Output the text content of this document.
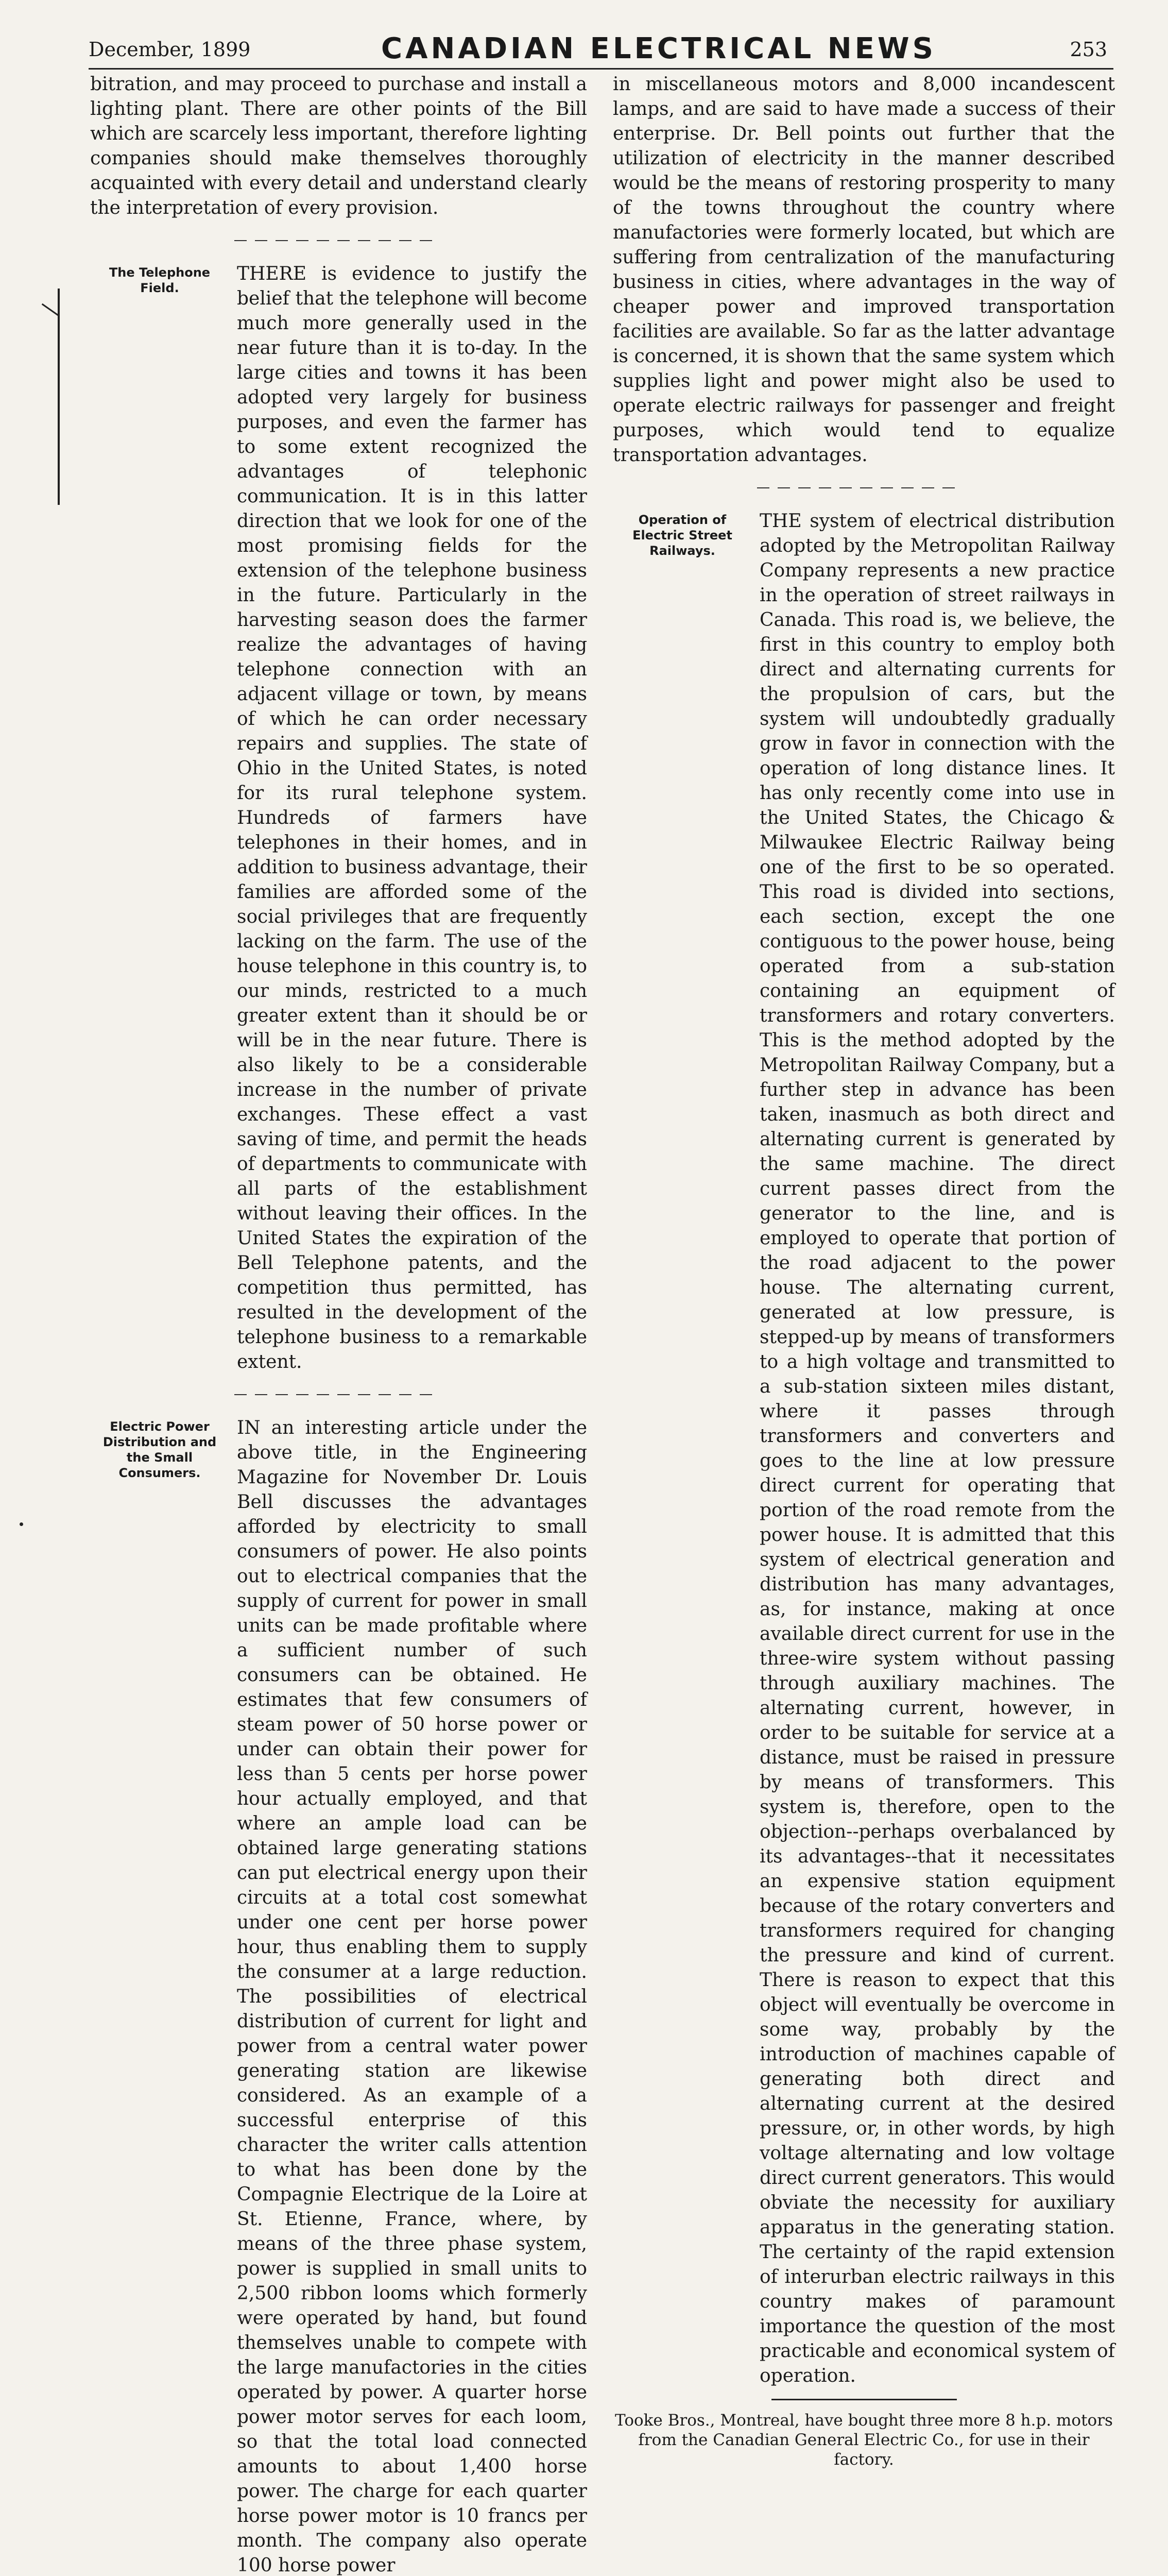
December, 1899	CANADIAN ELECTRICAL NEWS	253

bitration, and may proceed to purchase and install a lighting plant. There are other points of the Bill which are scarcely less important, therefore lighting companies should make themselves thoroughly acquainted with every detail and understand clearly the interpretation of every provision.

The Telephone Field.

THERE is evidence to justify the belief that the telephone will become much more generally used in the near future than it is to-day. In the large cities and towns it has been adopted very largely for business purposes, and even the farmer has to some extent recognized the advantages of telephonic communication. It is in this latter direction that we look for one of the most promising fields for the extension of the telephone business in the future. Particularly in the harvesting season does the farmer realize the advantages of having telephone connection with an adjacent village or town, by means of which he can order necessary repairs and supplies. The state of Ohio in the United States, is noted for its rural telephone system. Hundreds of farmers have telephones in their homes, and in addition to business advantage, their families are afforded some of the social privileges that are frequently lacking on the farm. The use of the house telephone in this country is, to our minds, restricted to a much greater extent than it should be or will be in the near future. There is also likely to be a considerable increase in the number of private exchanges. These effect a vast saving of time, and permit the heads of departments to communicate with all parts of the establishment without leaving their offices. In the United States the expiration of the Bell Telephone patents, and the competition thus permitted, has resulted in the development of the telephone business to a remarkable extent.

Electric Power Distribution and the Small Consumers.

IN an interesting article under the above title, in the Engineering Magazine for November Dr. Louis Bell discusses the advantages afforded by electricity to small consumers of power. He also points out to electrical companies that the supply of current for power in small units can be made profitable where a sufficient number of such consumers can be obtained. He estimates that few consumers of steam power of 50 horse power or under can obtain their power for less than 5 cents per horse power hour actually employed, and that where an ample load can be obtained large generating stations can put electrical energy upon their circuits at a total cost somewhat under one cent per horse power hour, thus enabling them to supply the consumer at a large reduction. The possibilities of electrical distribution of current for light and power from a central water power generating station are likewise considered. As an example of a successful enterprise of this character the writer calls attention to what has been done by the Compagnie Electrique de la Loire at St. Etienne, France, where, by means of the three phase system, power is supplied in small units to 2,500 ribbon looms which formerly were operated by hand, but found themselves unable to compete with the large manufactories in the cities operated by power. A quarter horse power motor serves for each loom, so that the total load connected amounts to about 1,400 horse power. The charge for each quarter horse power motor is 10 francs per month. The company also operate 100 horse power

in miscellaneous motors and 8,000 incandescent lamps, and are said to have made a success of their enterprise. Dr. Bell points out further that the utilization of electricity in the manner described would be the means of restoring prosperity to many of the towns throughout the country where manufactories were formerly located, but which are suffering from centralization of the manufacturing business in cities, where advantages in the way of cheaper power and improved transportation facilities are available. So far as the latter advantage is concerned, it is shown that the same system which supplies light and power might also be used to operate electric railways for passenger and freight purposes, which would tend to equalize transportation advantages.

Operation of Electric Street Railways.

THE system of electrical distribution adopted by the Metropolitan Railway Company represents a new practice in the operation of street railways in Canada. This road is, we believe, the first in this country to employ both direct and alternating currents for the propulsion of cars, but the system will undoubtedly gradually grow in favor in connection with the operation of long distance lines. It has only recently come into use in the United States, the Chicago & Milwaukee Electric Railway being one of the first to be so operated. This road is divided into sections, each section, except the one contiguous to the power house, being operated from a sub-station containing an equipment of transformers and rotary converters. This is the method adopted by the Metropolitan Railway Company, but a further step in advance has been taken, inasmuch as both direct and alternating current is generated by the same machine. The direct current passes direct from the generator to the line, and is employed to operate that portion of the road adjacent to the power house. The alternating current, generated at low pressure, is stepped-up by means of transformers to a high voltage and transmitted to a sub-station sixteen miles distant, where it passes through transformers and converters and goes to the line at low pressure direct current for operating that portion of the road remote from the power house. It is admitted that this system of electrical generation and distribution has many advantages, as, for instance, making at once available direct current for use in the three-wire system without passing through auxiliary machines. The alternating current, however, in order to be suitable for service at a distance, must be raised in pressure by means of transformers. This system is, therefore, open to the objection--perhaps overbalanced by its advantages--that it necessitates an expensive station equipment because of the rotary converters and transformers required for changing the pressure and kind of current. There is reason to expect that this object will eventually be overcome in some way, probably by the introduction of machines capable of generating both direct and alternating current at the desired pressure, or, in other words, by high voltage alternating and low voltage direct current generators. This would obviate the necessity for auxiliary apparatus in the generating station. The certainty of the rapid extension of interurban electric railways in this country makes of paramount importance the question of the most practicable and economical system of operation.

Tooke Bros., Montreal, have bought three more 8 h.p. motors from the Canadian General Electric Co., for use in their factory.
